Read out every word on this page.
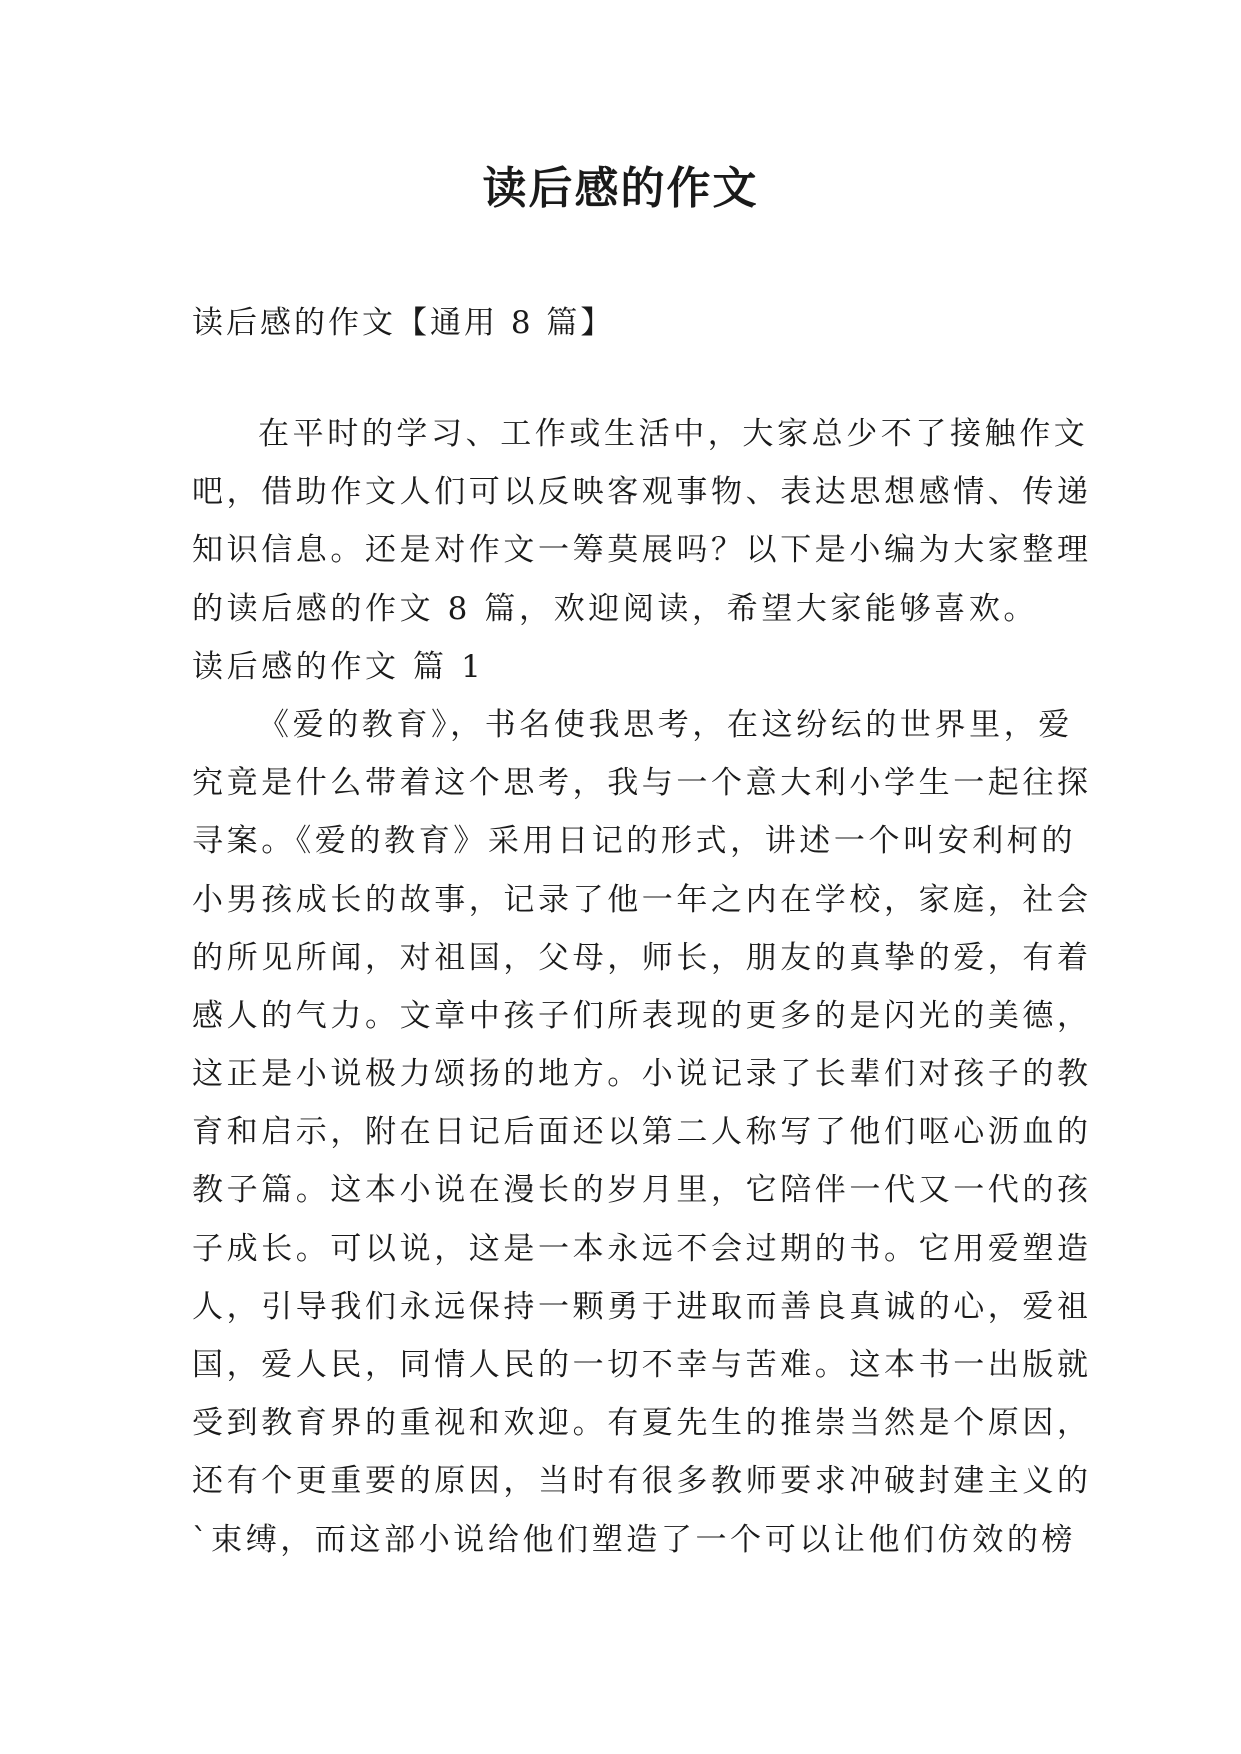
读后感的作文

读后感的作文【通用 8 篇】

在平时的学习、工作或生活中，大家总少不了接触作文
吧，借助作文人们可以反映客观事物、表达思想感情、传递
知识信息。还是对作文一筹莫展吗？以下是小编为大家整理
的读后感的作文 8 篇，欢迎阅读，希望大家能够喜欢。
读后感的作文 篇 1
《爱的教育》，书名使我思考，在这纷纭的世界里，爱
究竟是什么带着这个思考，我与一个意大利小学生一起往探
寻案。《爱的教育》采用日记的形式，讲述一个叫安利柯的
小男孩成长的故事，记录了他一年之内在学校，家庭，社会
的所见所闻，对祖国，父母，师长，朋友的真挚的爱，有着
感人的气力。文章中孩子们所表现的更多的是闪光的美德，
这正是小说极力颂扬的地方。小说记录了长辈们对孩子的教
育和启示，附在日记后面还以第二人称写了他们呕心沥血的
教子篇。这本小说在漫长的岁月里，它陪伴一代又一代的孩
子成长。可以说，这是一本永远不会过期的书。它用爱塑造
人，引导我们永远保持一颗勇于进取而善良真诚的心，爱祖
国，爱人民，同情人民的一切不幸与苦难。这本书一出版就
受到教育界的重视和欢迎。有夏先生的推崇当然是个原因，
还有个更重要的原因，当时有很多教师要求冲破封建主义的
`束缚，而这部小说给他们塑造了一个可以让他们仿效的榜
